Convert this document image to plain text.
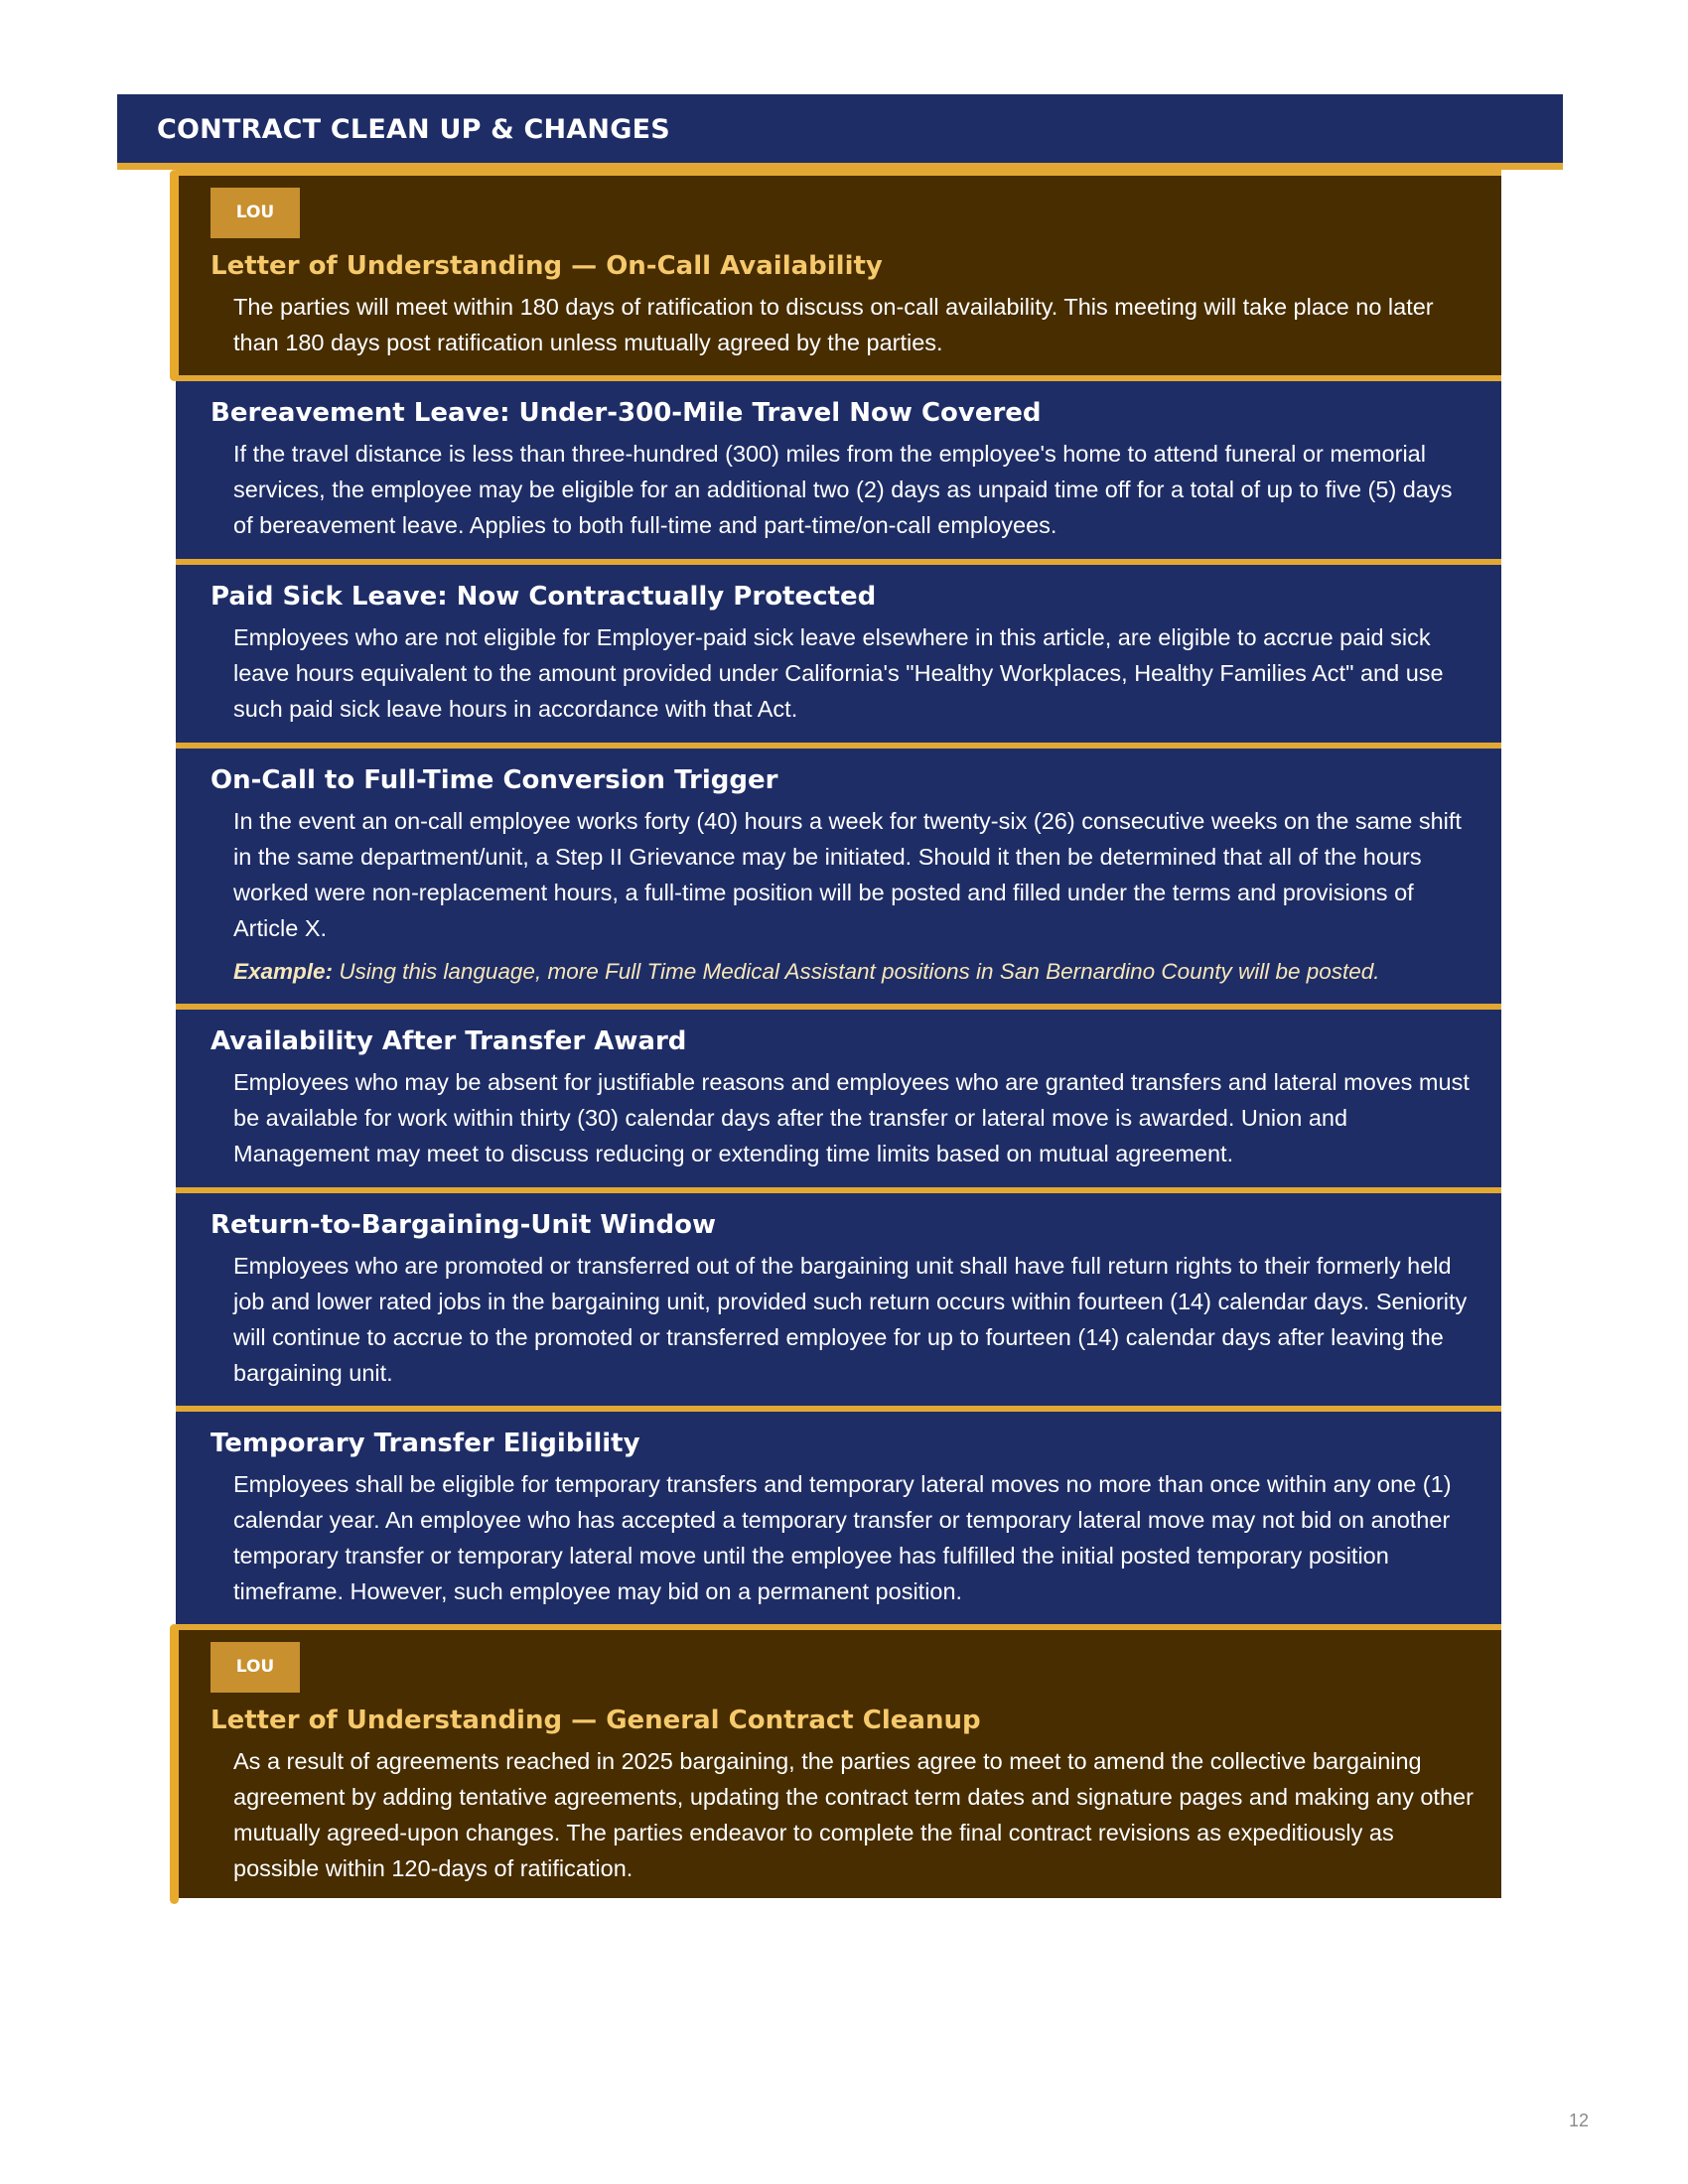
CONTRACT CLEAN UP & CHANGES
LOU
Letter of Understanding — On-Call Availability
The parties will meet within 180 days of ratification to discuss on-call availability. This meeting will take place no later than 180 days post ratification unless mutually agreed by the parties.
Bereavement Leave: Under-300-Mile Travel Now Covered
If the travel distance is less than three-hundred (300) miles from the employee's home to attend funeral or memorial services, the employee may be eligible for an additional two (2) days as unpaid time off for a total of up to five (5) days of bereavement leave. Applies to both full-time and part-time/on-call employees.
Paid Sick Leave: Now Contractually Protected
Employees who are not eligible for Employer-paid sick leave elsewhere in this article, are eligible to accrue paid sick leave hours equivalent to the amount provided under California's "Healthy Workplaces, Healthy Families Act" and use such paid sick leave hours in accordance with that Act.
On-Call to Full-Time Conversion Trigger
In the event an on-call employee works forty (40) hours a week for twenty-six (26) consecutive weeks on the same shift in the same department/unit, a Step II Grievance may be initiated. Should it then be determined that all of the hours worked were non-replacement hours, a full-time position will be posted and filled under the terms and provisions of Article X.
Example: Using this language, more Full Time Medical Assistant positions in San Bernardino County will be posted.
Availability After Transfer Award
Employees who may be absent for justifiable reasons and employees who are granted transfers and lateral moves must be available for work within thirty (30) calendar days after the transfer or lateral move is awarded. Union and Management may meet to discuss reducing or extending time limits based on mutual agreement.
Return-to-Bargaining-Unit Window
Employees who are promoted or transferred out of the bargaining unit shall have full return rights to their formerly held job and lower rated jobs in the bargaining unit, provided such return occurs within fourteen (14) calendar days. Seniority will continue to accrue to the promoted or transferred employee for up to fourteen (14) calendar days after leaving the bargaining unit.
Temporary Transfer Eligibility
Employees shall be eligible for temporary transfers and temporary lateral moves no more than once within any one (1) calendar year. An employee who has accepted a temporary transfer or temporary lateral move may not bid on another temporary transfer or temporary lateral move until the employee has fulfilled the initial posted temporary position timeframe. However, such employee may bid on a permanent position.
LOU
Letter of Understanding — General Contract Cleanup
As a result of agreements reached in 2025 bargaining, the parties agree to meet to amend the collective bargaining agreement by adding tentative agreements, updating the contract term dates and signature pages and making any other mutually agreed-upon changes. The parties endeavor to complete the final contract revisions as expeditiously as possible within 120-days of ratification.
12
